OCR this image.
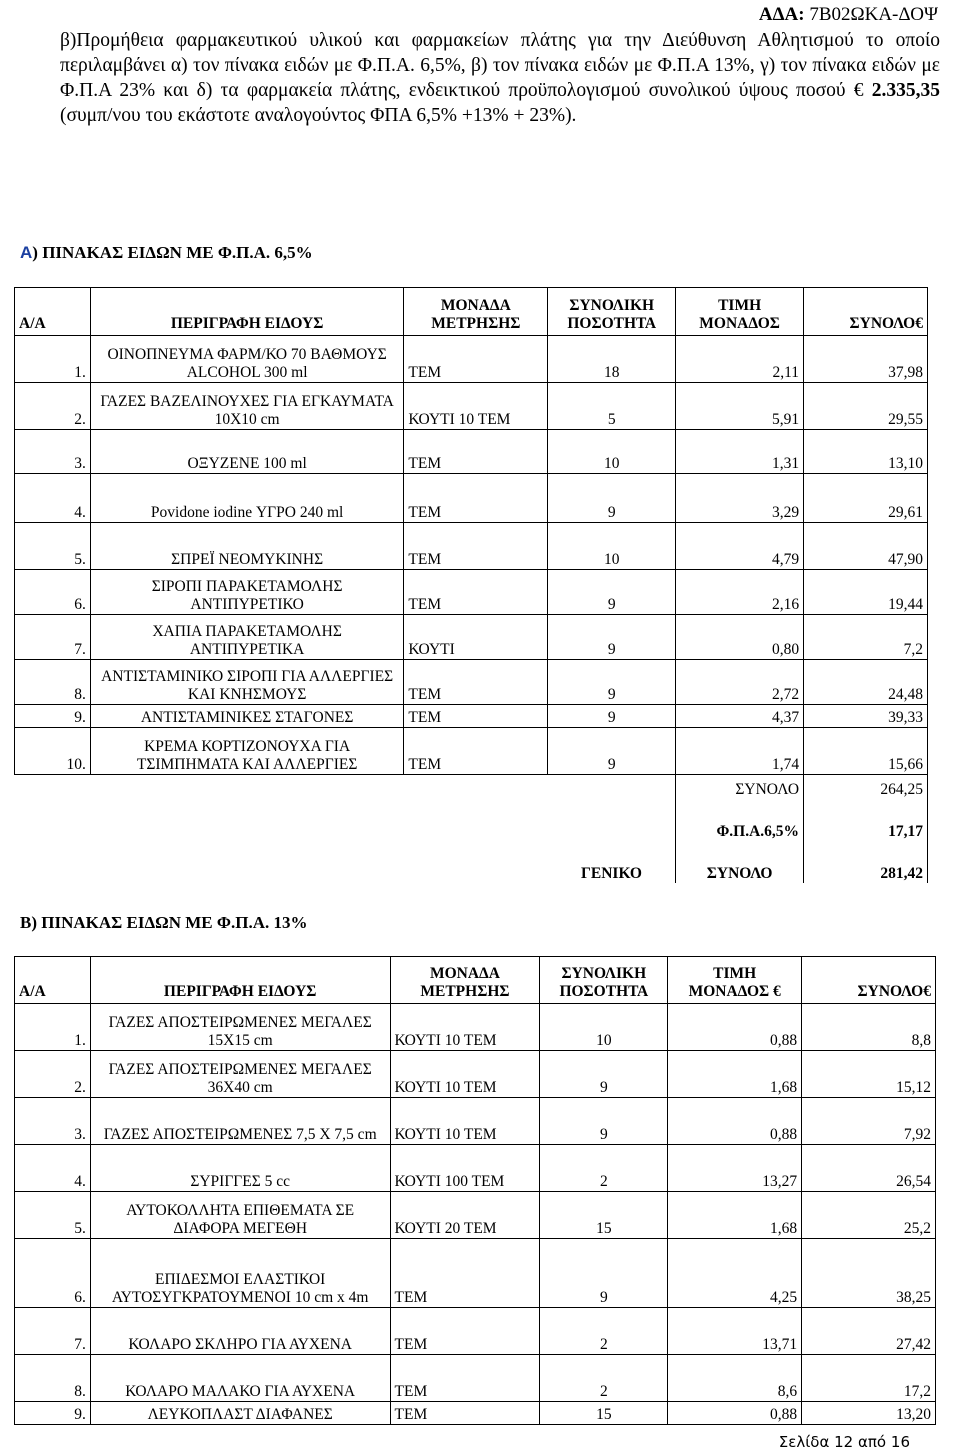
ΑΔΑ: 7Β02ΩΚΑ-ΔΟΨ
β)Προμήθεια φαρμακευτικού υλικού και φαρμακείων πλάτης για την Διεύθυνση Αθλητισμού το οποίο περιλαμβάνει α) τον πίνακα ειδών με Φ.Π.Α. 6,5%, β) τον πίνακα ειδών με Φ.Π.Α 13%, γ) τον πίνακα ειδών με Φ.Π.Α 23% και δ) τα φαρμακεία πλάτης, ενδεικτικού προϋπολογισμού συνολικού ύψους ποσού € 2.335,35 (συμπ/νου του εκάστοτε αναλογούντος ΦΠΑ 6,5% +13% + 23%).
Α) ΠΙΝΑΚΑΣ ΕΙΔΩΝ ΜΕ Φ.Π.Α. 6,5%
Α/Α	ΠΕΡΙΓΡΑΦΗ ΕΙΔΟΥΣ	ΜΟΝΑΔΑ ΜΕΤΡΗΣΗΣ	ΣΥΝΟΛΙΚΗ ΠΟΣΟΤΗΤΑ	ΤΙΜΗ ΜΟΝΑΔΟΣ	ΣΥΝΟΛΟ€
1.	ΟΙΝΟΠΝΕΥΜΑ ΦΑΡΜ/ΚΟ 70 ΒΑΘΜΟΥΣ ALCOHOL 300 ml	ΤΕΜ	18	2,11	37,98
2.	ΓΑΖΕΣ ΒΑΖΕΛΙΝΟΥΧΕΣ ΓΙΑ ΕΓΚΑΥΜΑΤΑ 10Χ10 cm	ΚΟΥΤΙ 10 ΤΕΜ	5	5,91	29,55
3.	ΟΞΥΖΕΝΕ 100 ml	ΤΕΜ	10	1,31	13,10
4.	Povidone iodine ΥΓΡΟ 240 ml	ΤΕΜ	9	3,29	29,61
5.	ΣΠΡΕΪ ΝΕΟΜΥΚΙΝΗΣ	ΤΕΜ	10	4,79	47,90
6.	ΣΙΡΟΠΙ ΠΑΡΑΚΕΤΑΜΟΛΗΣ ΑΝΤΙΠΥΡΕΤΙΚΟ	ΤΕΜ	9	2,16	19,44
7.	ΧΑΠΙΑ ΠΑΡΑΚΕΤΑΜΟΛΗΣ ΑΝΤΙΠΥΡΕΤΙΚΑ	ΚΟΥΤΙ	9	0,80	7,2
8.	ΑΝΤΙΣΤΑΜΙΝΙΚΟ ΣΙΡΟΠΙ ΓΙΑ ΑΛΛΕΡΓΙΕΣ ΚΑΙ ΚΝΗΣΜΟΥΣ	ΤΕΜ	9	2,72	24,48
9.	ΑΝΤΙΣΤΑΜΙΝΙΚΕΣ ΣΤΑΓΟΝΕΣ	ΤΕΜ	9	4,37	39,33
10.	ΚΡΕΜΑ ΚΟΡΤΙΖΟΝΟΥΧΑ ΓΙΑ ΤΣΙΜΠΗΜΑΤΑ ΚΑΙ ΑΛΛΕΡΓΙΕΣ	ΤΕΜ	9	1,74	15,66
				ΣΥΝΟΛΟ	264,25
				Φ.Π.Α.6,5%	17,17
			ΓΕΝΙΚΟ	ΣΥΝΟΛΟ	281,42
Β) ΠΙΝΑΚΑΣ ΕΙΔΩΝ ΜΕ Φ.Π.Α. 13%
Α/Α	ΠΕΡΙΓΡΑΦΗ ΕΙΔΟΥΣ	ΜΟΝΑΔΑ ΜΕΤΡΗΣΗΣ	ΣΥΝΟΛΙΚΗ ΠΟΣΟΤΗΤΑ	ΤΙΜΗ ΜΟΝΑΔΟΣ €	ΣΥΝΟΛΟ€
1.	ΓΑΖΕΣ ΑΠΟΣΤΕΙΡΩΜΕΝΕΣ ΜΕΓΑΛΕΣ 15Χ15 cm	ΚΟΥΤΙ 10 ΤΕΜ	10	0,88	8,8
2.	ΓΑΖΕΣ ΑΠΟΣΤΕΙΡΩΜΕΝΕΣ ΜΕΓΑΛΕΣ 36Χ40 cm	ΚΟΥΤΙ 10 ΤΕΜ	9	1,68	15,12
3.	ΓΑΖΕΣ ΑΠΟΣΤΕΙΡΩΜΕΝΕΣ 7,5 Χ 7,5 cm	ΚΟΥΤΙ 10 ΤΕΜ	9	0,88	7,92
4.	ΣΥΡΙΓΓΕΣ 5 cc	ΚΟΥΤΙ 100 ΤΕΜ	2	13,27	26,54
5.	ΑΥΤΟΚΟΛΛΗΤΑ ΕΠΙΘΕΜΑΤΑ ΣΕ ΔΙΑΦΟΡΑ ΜΕΓΕΘΗ	ΚΟΥΤΙ 20 ΤΕΜ	15	1,68	25,2
6.	ΕΠΙΔΕΣΜΟΙ ΕΛΑΣΤΙΚΟΙ ΑΥΤΟΣΥΓΚΡΑΤΟΥΜΕΝΟΙ 10 cm x 4m	ΤΕΜ	9	4,25	38,25
7.	ΚΟΛΑΡΟ ΣΚΛΗΡΟ ΓΙΑ ΑΥΧΕΝΑ	ΤΕΜ	2	13,71	27,42
8.	ΚΟΛΑΡΟ ΜΑΛΑΚΟ ΓΙΑ ΑΥΧΕΝΑ	ΤΕΜ	2	8,6	17,2
9.	ΛΕΥΚΟΠΛΑΣΤ ΔΙΑΦΑΝΕΣ	ΤΕΜ	15	0,88	13,20
Σελίδα 12 από 16
